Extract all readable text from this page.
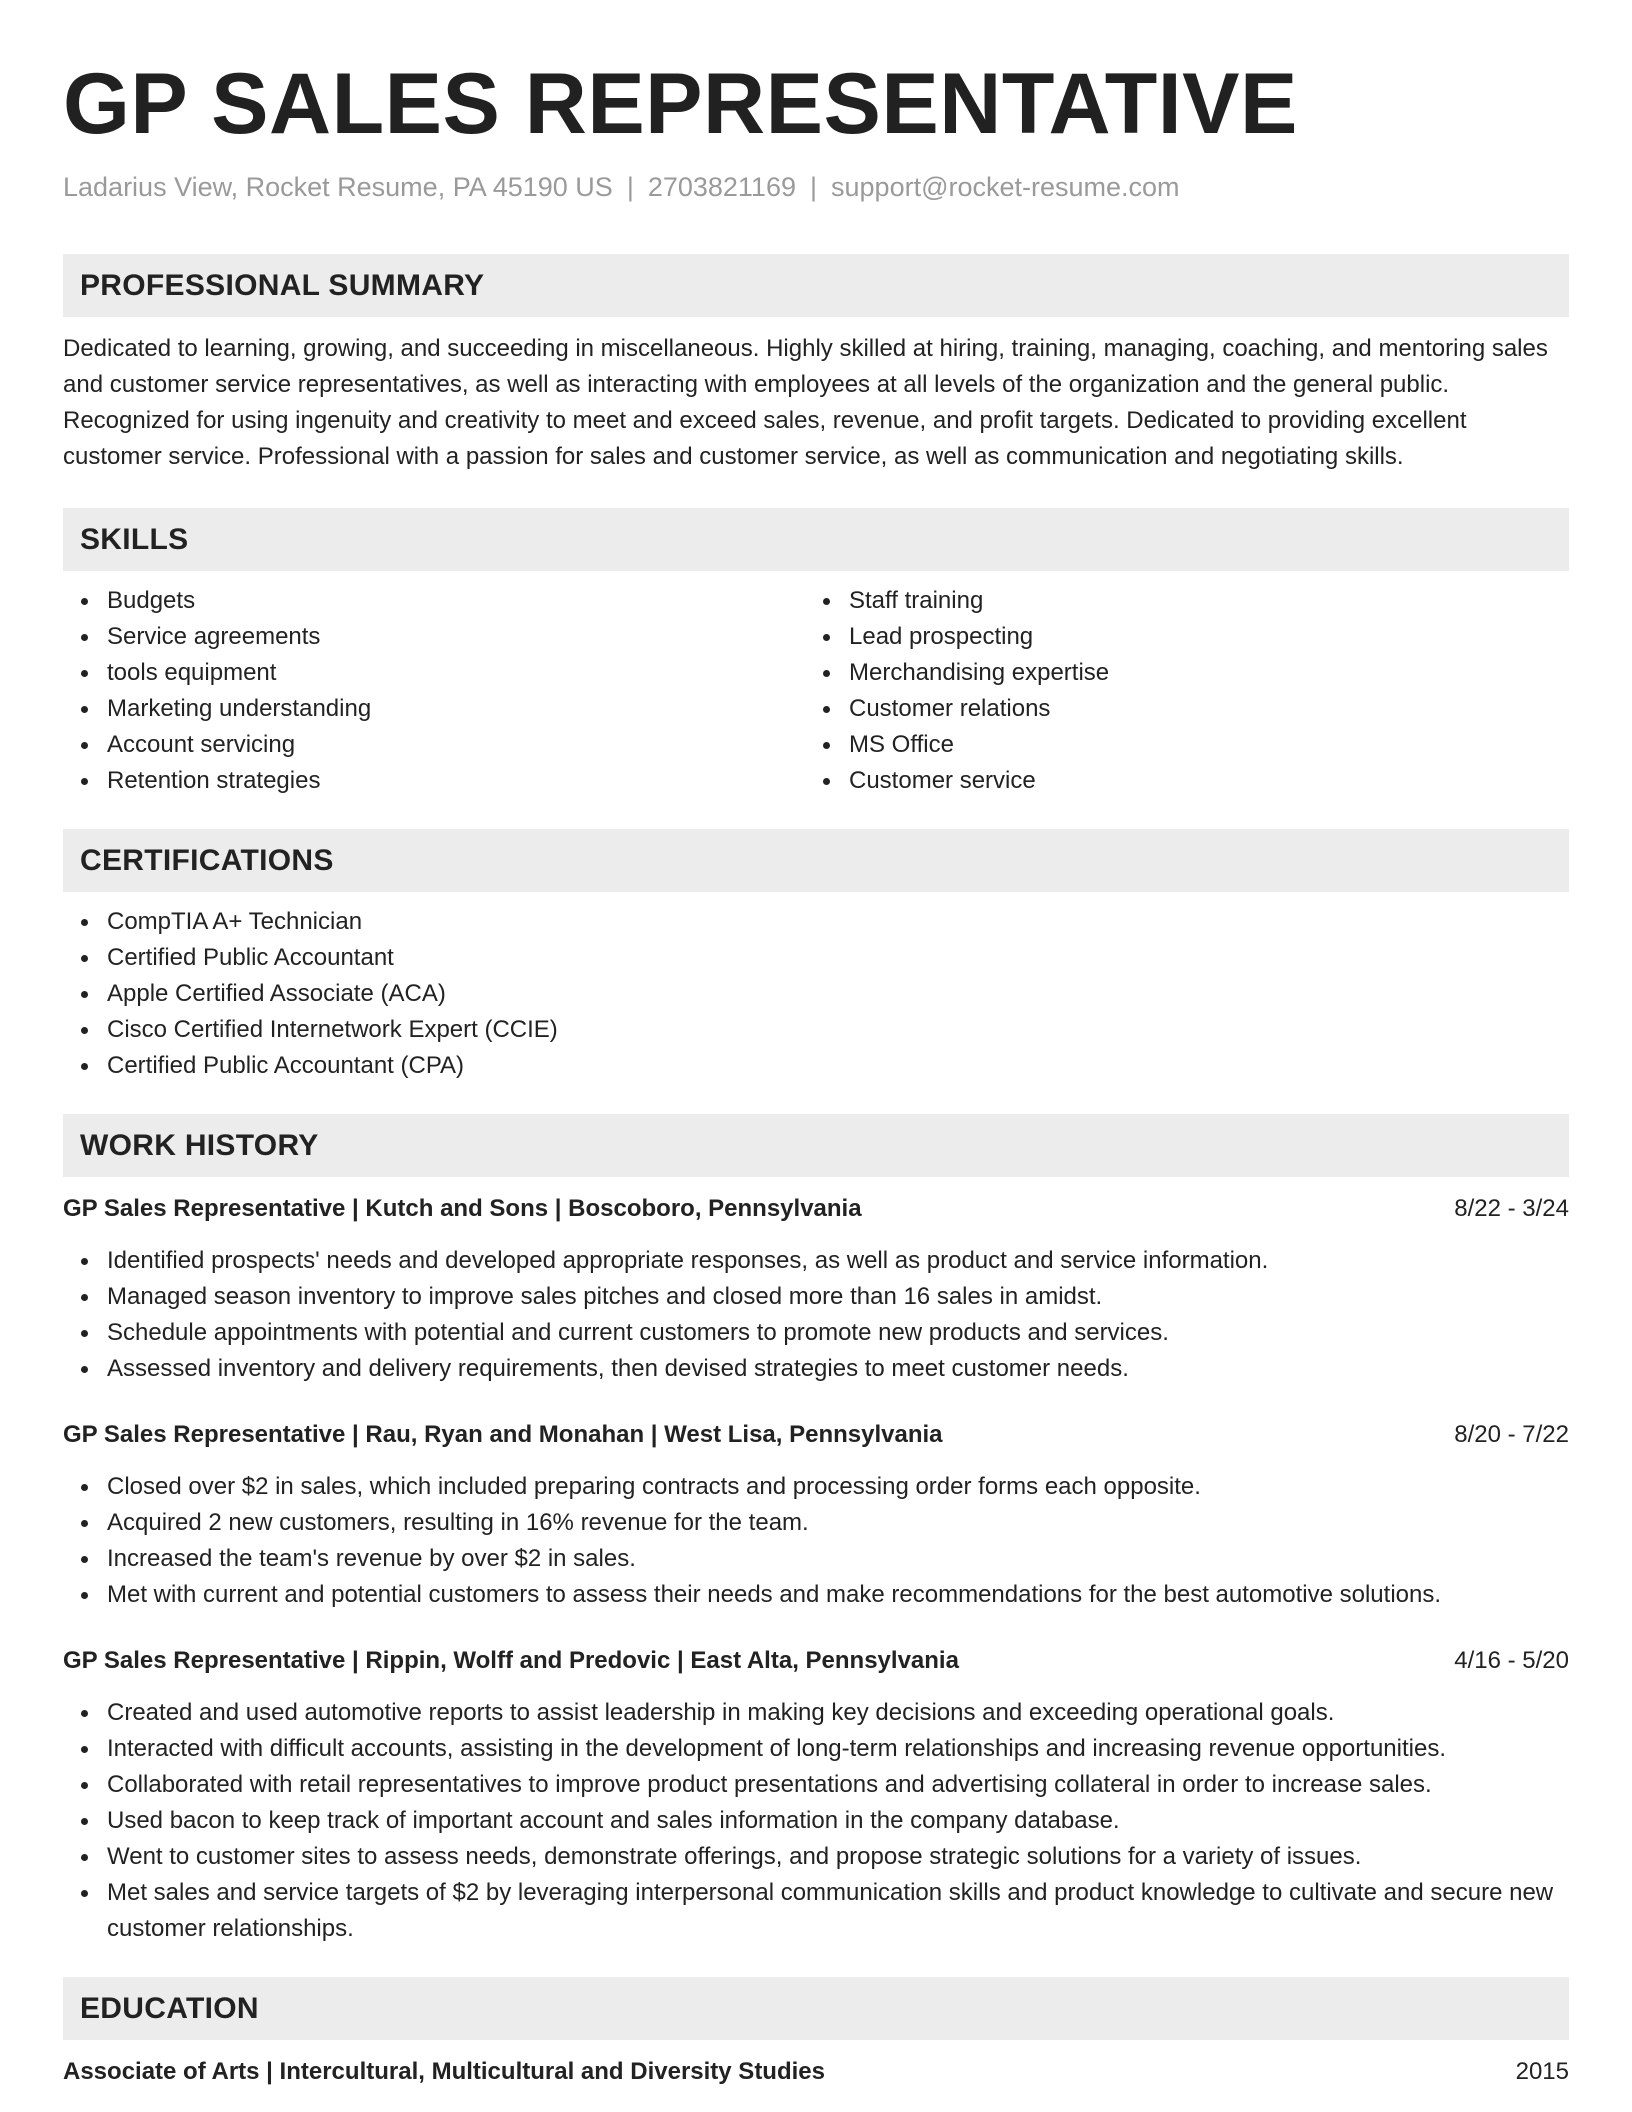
GP SALES REPRESENTATIVE
Ladarius View, Rocket Resume, PA 45190 US | 2703821169 | support@rocket-resume.com
PROFESSIONAL SUMMARY

Dedicated to learning, growing, and succeeding in miscellaneous. Highly skilled at hiring, training, managing, coaching, and mentoring sales and customer service representatives, as well as interacting with employees at all levels of the organization and the general public. Recognized for using ingenuity and creativity to meet and exceed sales, revenue, and profit targets. Dedicated to providing excellent customer service. Professional with a passion for sales and customer service, as well as communication and negotiating skills.

SKILLS
Budgets
Service agreements
tools equipment
Marketing understanding
Account servicing
Retention strategies
Staff training
Lead prospecting
Merchandising expertise
Customer relations
MS Office
Customer service
CERTIFICATIONS
CompTIA A+ Technician
Certified Public Accountant
Apple Certified Associate (ACA)
Cisco Certified Internetwork Expert (CCIE)
Certified Public Accountant (CPA)
WORK HISTORY
GP Sales Representative | Kutch and Sons | Boscoboro, Pennsylvania	8/22 - 3/24
Identified prospects' needs and developed appropriate responses, as well as product and service information.
Managed season inventory to improve sales pitches and closed more than 16 sales in amidst.
Schedule appointments with potential and current customers to promote new products and services.
Assessed inventory and delivery requirements, then devised strategies to meet customer needs.
GP Sales Representative | Rau, Ryan and Monahan | West Lisa, Pennsylvania	8/20 - 7/22
Closed over $2 in sales, which included preparing contracts and processing order forms each opposite.
Acquired 2 new customers, resulting in 16% revenue for the team.
Increased the team's revenue by over $2 in sales.
Met with current and potential customers to assess their needs and make recommendations for the best automotive solutions.
GP Sales Representative | Rippin, Wolff and Predovic | East Alta, Pennsylvania	4/16 - 5/20
Created and used automotive reports to assist leadership in making key decisions and exceeding operational goals.
Interacted with difficult accounts, assisting in the development of long-term relationships and increasing revenue opportunities.
Collaborated with retail representatives to improve product presentations and advertising collateral in order to increase sales.
Used bacon to keep track of important account and sales information in the company database.
Went to customer sites to assess needs, demonstrate offerings, and propose strategic solutions for a variety of issues.
Met sales and service targets of $2 by leveraging interpersonal communication skills and product knowledge to cultivate and secure new customer relationships.
EDUCATION
Associate of Arts | Intercultural, Multicultural and Diversity Studies	2015
